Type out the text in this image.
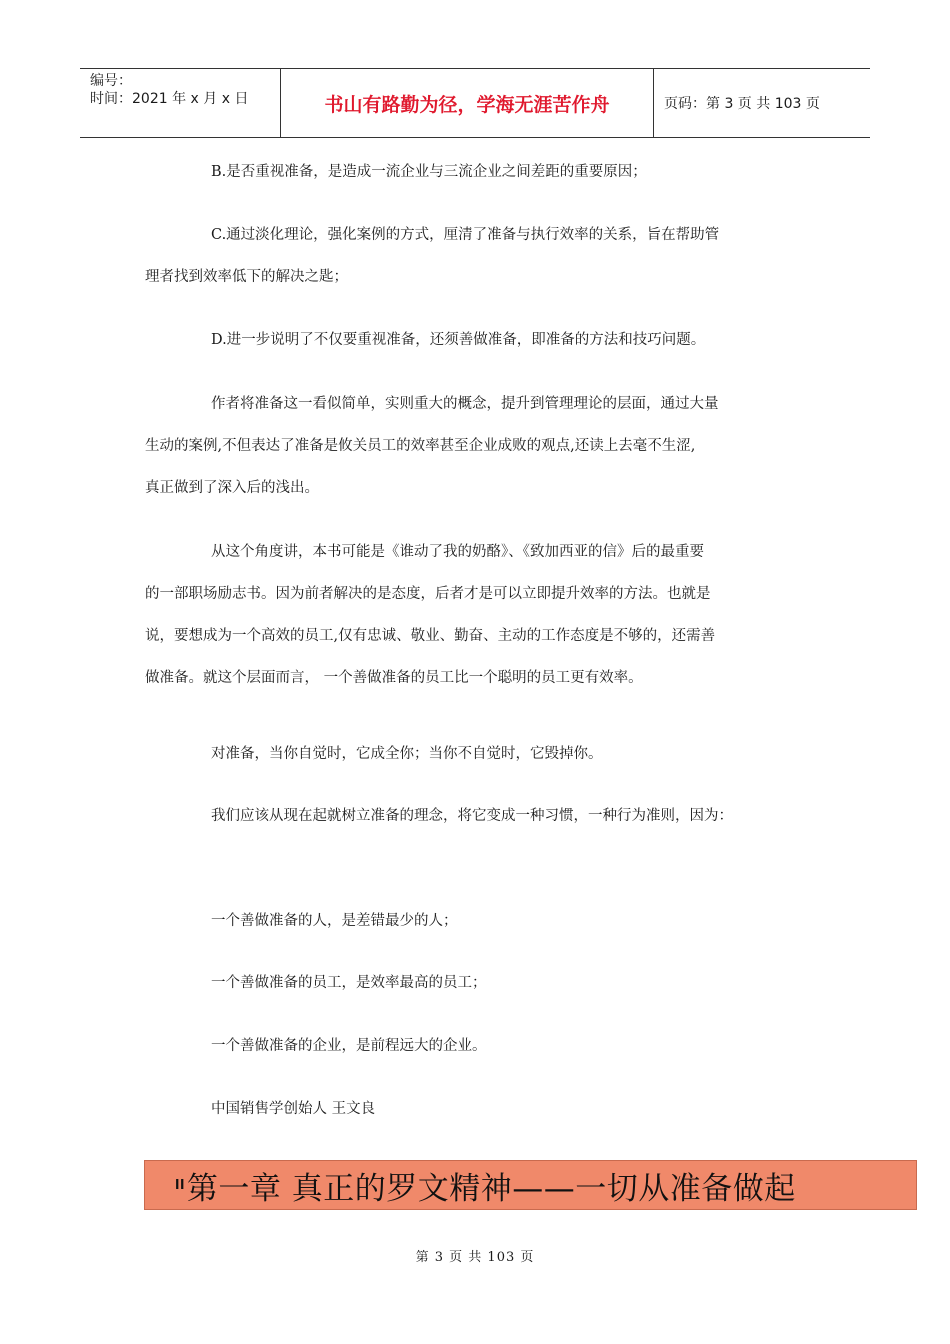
编号：
时间：2021 年 x 月 x 日	书山有路勤为径，学海无涯苦作舟	页码：第 3 页 共 103 页
B.是否重视准备，是造成一流企业与三流企业之间差距的重要原因；
C.通过淡化理论，强化案例的方式，厘清了准备与执行效率的关系，旨在帮助管
理者找到效率低下的解决之匙；
D.进一步说明了不仅要重视准备，还须善做准备，即准备的方法和技巧问题。
作者将准备这一看似简单，实则重大的概念，提升到管理理论的层面，通过大量
生动的案例,不但表达了准备是攸关员工的效率甚至企业成败的观点,还读上去毫不生涩,
真正做到了深入后的浅出。
从这个角度讲，本书可能是《谁动了我的奶酪》、《致加西亚的信》后的最重要
的一部职场励志书。因为前者解决的是态度，后者才是可以立即提升效率的方法。也就是
说，要想成为一个高效的员工,仅有忠诚、敬业、勤奋、主动的工作态度是不够的，还需善
做准备。就这个层面而言， 一个善做准备的员工比一个聪明的员工更有效率。
对准备，当你自觉时，它成全你；当你不自觉时，它毁掉你。
我们应该从现在起就树立准备的理念，将它变成一种习惯，一种行为准则，因为：
一个善做准备的人，是差错最少的人；
一个善做准备的员工，是效率最高的员工；
一个善做准备的企业，是前程远大的企业。
中国销售学创始人 王文良
ll 第一章 真正的罗文精神——一切从准备做起
第 3 页 共 103 页
